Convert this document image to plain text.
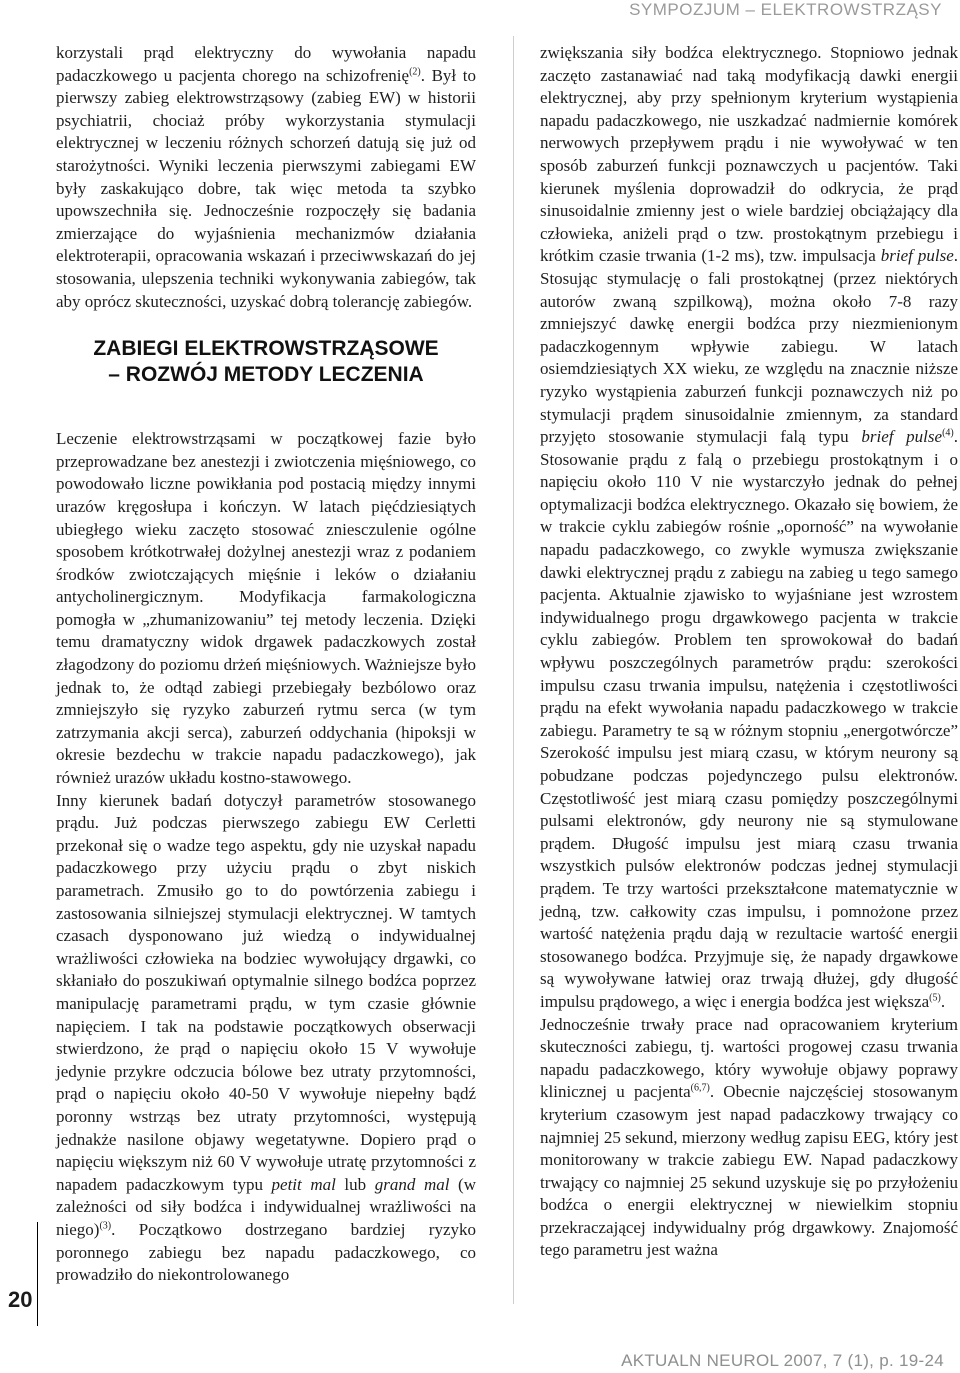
SYMPOZJUM – ELEKTROWSTRZĄSY

korzystali prąd elektryczny do wywołania napadu padaczkowego u pacjenta chorego na schizofrenię$^{(2)}$. Był to pierwszy zabieg elektrowstrząsowy (zabieg EW) w historii psychiatrii, chociaż próby wykorzystania stymulacji elektrycznej w leczeniu różnych schorzeń datują się już od starożytności. Wyniki leczenia pierwszymi zabiegami EW były zaskakująco dobre, tak więc metoda ta szybko upowszechniła się. Jednocześnie rozpoczęły się badania zmierzające do wyjaśnienia mechanizmów działania elektroterapii, opracowania wskazań i przeciwwskazań do jej stosowania, ulepszenia techniki wykonywania zabiegów, tak aby oprócz skuteczności, uzyskać dobrą tolerancję zabiegów.

ZABIEGI ELEKTROWSTRZĄSOWE
– ROZWÓJ METODY LECZENIA

Leczenie elektrowstrząsami w początkowej fazie było przeprowadzane bez anestezji i zwiotczenia mięśniowego, co powodowało liczne powikłania pod postacią między innymi urazów kręgosłupa i kończyn. W latach pięćdziesiątych ubiegłego wieku zaczęto stosować zniesczulenie ogólne sposobem krótkotrwałej dożylnej anestezji wraz z podaniem środków zwiotczających mięśnie i leków o działaniu antycholinergicznym. Modyfikacja farmakologiczna pomogła w „zhumanizowaniu” tej metody leczenia. Dzięki temu dramatyczny widok drgawek padaczkowych został złagodzony do poziomu drżeń mięśniowych. Ważniejsze było jednak to, że odtąd zabiegi przebiegały bezbólowo oraz zmniejszyło się ryzyko zaburzeń rytmu serca (w tym zatrzymania akcji serca), zaburzeń oddychania (hipoksji w okresie bezdechu w trakcie napadu padaczkowego), jak również urazów układu kostno-stawowego.

Inny kierunek badań dotyczył parametrów stosowanego prądu. Już podczas pierwszego zabiegu EW Cerletti przekonał się o wadze tego aspektu, gdy nie uzyskał napadu padaczkowego przy użyciu prądu o zbyt niskich parametrach. Zmusiło go to do powtórzenia zabiegu i zastosowania silniejszej stymulacji elektrycznej. W tamtych czasach dysponowano już wiedzą o indywidualnej wrażliwości człowieka na bodziec wywołujący drgawki, co skłaniało do poszukiwań optymalnie silnego bodźca poprzez manipulację parametrami prądu, w tym czasie głównie napięciem. I tak na podstawie początkowych obserwacji stwierdzono, że prąd o napięciu około 15 V wywołuje jedynie przykre odczucia bólowe bez utraty przytomności, prąd o napięciu około 40-50 V wywołuje niepełny bądź poronny wstrząs bez utraty przytomności, występują jednakże nasilone objawy wegetatywne. Dopiero prąd o napięciu większym niż 60 V wywołuje utratę przytomności z napadem padaczkowym typu petit mal lub grand mal (w zależności od siły bodźca i indywidualnej wrażliwości na niego)$^{(3)}$. Początkowo dostrzegano bardziej ryzyko poronnego zabiegu bez napadu padaczkowego, co prowadziło do niekontrolowanego

zwiększania siły bodźca elektrycznego. Stopniowo jednak zaczęto zastanawiać nad taką modyfikacją dawki energii elektrycznej, aby przy spełnionym kryterium wystąpienia napadu padaczkowego, nie uszkadzać nadmiernie komórek nerwowych przepływem prądu i nie wywoływać w ten sposób zaburzeń funkcji poznawczych u pacjentów. Taki kierunek myślenia doprowadził do odkrycia, że prąd sinusoidalnie zmienny jest o wiele bardziej obciążający dla człowieka, aniżeli prąd o tzw. prostokątnym przebiegu i krótkim czasie trwania (1-2 ms), tzw. impulsacja brief pulse. Stosując stymulację o fali prostokątnej (przez niektórych autorów zwaną szpilkową), można około 7-8 razy zmniejszyć dawkę energii bodźca przy niezmienionym padaczkogennym wpływie zabiegu. W latach osiemdziesiątych XX wieku, ze względu na znacznie niższe ryzyko wystąpienia zaburzeń funkcji poznawczych niż po stymulacji prądem sinusoidalnie zmiennym, za standard przyjęto stosowanie stymulacji falą typu brief pulse$^{(4)}$. Stosowanie prądu z falą o przebiegu prostokątnym i o napięciu około 110 V nie wystarczyło jednak do pełnej optymalizacji bodźca elektrycznego. Okazało się bowiem, że w trakcie cyklu zabiegów rośnie „oporność” na wywołanie napadu padaczkowego, co zwykle wymusza zwiększanie dawki elektrycznej prądu z zabiegu na zabieg u tego samego pacjenta. Aktualnie zjawisko to wyjaśniane jest wzrostem indywidualnego progu drgawkowego pacjenta w trakcie cyklu zabiegów. Problem ten sprowokował do badań wpływu poszczególnych parametrów prądu: szerokości impulsu czasu trwania impulsu, natężenia i częstotliwości prądu na efekt wywołania napadu padaczkowego w trakcie zabiegu. Parametry te są w różnym stopniu „energotwórcze” Szerokość impulsu jest miarą czasu, w którym neurony są pobudzane podczas pojedynczego pulsu elektronów. Częstotliwość jest miarą czasu pomiędzy poszczególnymi pulsami elektronów, gdy neurony nie są stymulowane prądem. Długość impulsu jest miarą czasu trwania wszystkich pulsów elektronów podczas jednej stymulacji prądem. Te trzy wartości przekształcone matematycznie w jedną, tzw. całkowity czas impulsu, i pomnożone przez wartość natężenia prądu dają w rezultacie wartość energii stosowanego bodźca. Przyjmuje się, że napady drgawkowe są wywoływane łatwiej oraz trwają dłużej, gdy długość impulsu prądowego, a więc i energia bodźca jest większa$^{(5)}$.

Jednocześnie trwały prace nad opracowaniem kryterium skuteczności zabiegu, tj. wartości progowej czasu trwania napadu padaczkowego, który wywołuje objawy poprawy klinicznej u pacjenta$^{(6,7)}$. Obecnie najczęściej stosowanym kryterium czasowym jest napad padaczkowy trwający co najmniej 25 sekund, mierzony według zapisu EEG, który jest monitorowany w trakcie zabiegu EW. Napad padaczkowy trwający co najmniej 25 sekund uzyskuje się po przyłożeniu bodźca o energii elektrycznej w niewielkim stopniu przekraczającej indywidualny próg drgawkowy. Znajomość tego parametru jest ważna

20

AKTUALN NEUROL 2007, 7 (1), p. 19-24
